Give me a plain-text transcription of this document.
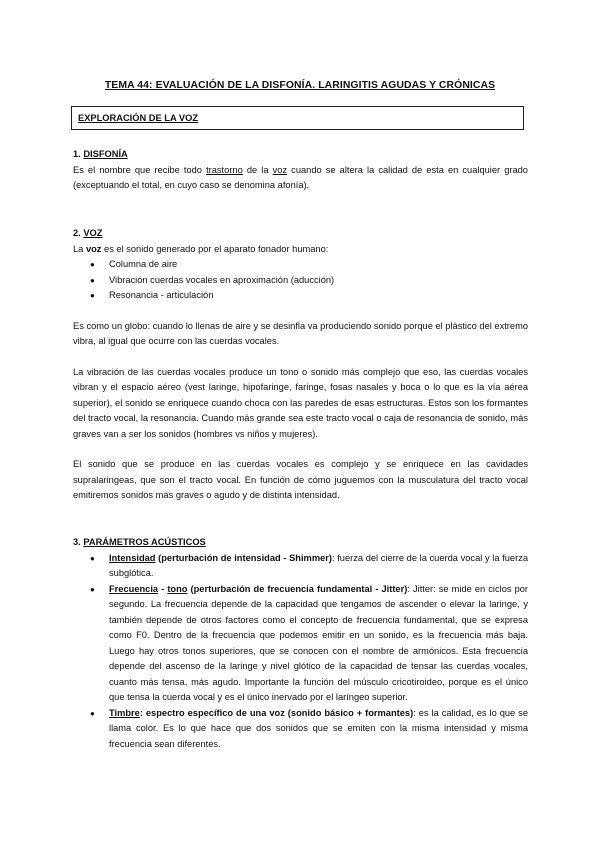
TEMA 44: EVALUACIÓN DE LA DISFONÍA. LARINGITIS AGUDAS Y CRÓNICAS
EXPLORACIÓN DE LA VOZ
1. DISFONÍA

Es el nombre que recibe todo trastorno de la voz cuando se altera la calidad de esta en cualquier grado (exceptuando el total, en cuyo caso se denomina afonía).

2. VOZ

La voz es el sonido generado por el aparato fonador humano:

● Columna de aire
● Vibración cuerdas vocales en aproximación (aducción)
● Resonancia - articulación

Es como un globo: cuando lo llenas de aire y se desinfla va produciendo sonido porque el plástico del extremo vibra, al igual que ocurre con las cuerdas vocales.

La vibración de las cuerdas vocales produce un tono o sonido más complejo que eso, las cuerdas vocales vibran y el espacio aéreo (vest laringe, hipofaringe, faringe, fosas nasales y boca o lo que es la vía aérea superior), el sonido se enriquece cuando choca con las paredes de esas estructuras. Estos son los formantes del tracto vocal, la resonancia. Cuando más grande sea este tracto vocal o caja de resonancia de sonido, más graves van a ser los sonidos (hombres vs niños y mujeres).

El sonido que se produce en las cuerdas vocales es complejo y se enriquece en las cavidades supralaringeas, que son el tracto vocal. En función de cómo juguemos con la musculatura del tracto vocal emitiremos sonidos más graves o agudo y de distinta intensidad.

3. PARÁMETROS ACÚSTICOS
● Intensidad (perturbación de intensidad - Shimmer): fuerza del cierre de la cuerda vocal y la fuerza subglótica.
● Frecuencia - tono (perturbación de frecuencia fundamental - Jitter): Jitter: se mide en ciclos por segundo. La frecuencia depende de la capacidad que tengamos de ascender o elevar la laringe, y también depende de otros factores como el concepto de frecuencia fundamental, que se expresa como F0. Dentro de la frecuencia que podemos emitir en un sonido, es la frecuencia más baja. Luego hay otros tonos superiores, que se conocen con el nombre de armónicos. Esta frecuencia depende del ascenso de la laringe y nivel glótico de la capacidad de tensar las cuerdas vocales, cuanto más tensa, más agudo. Importante la función del músculo cricotiroideo, porque es el único que tensa la cuerda vocal y es el único inervado por el laríngeo superior.
● Timbre: espectro específico de una voz (sonido básico + formantes): es la calidad, es lo que se llama color. Es lo que hace que dos sonidos que se emiten con la misma intensidad y misma frecuencia sean diferentes.
